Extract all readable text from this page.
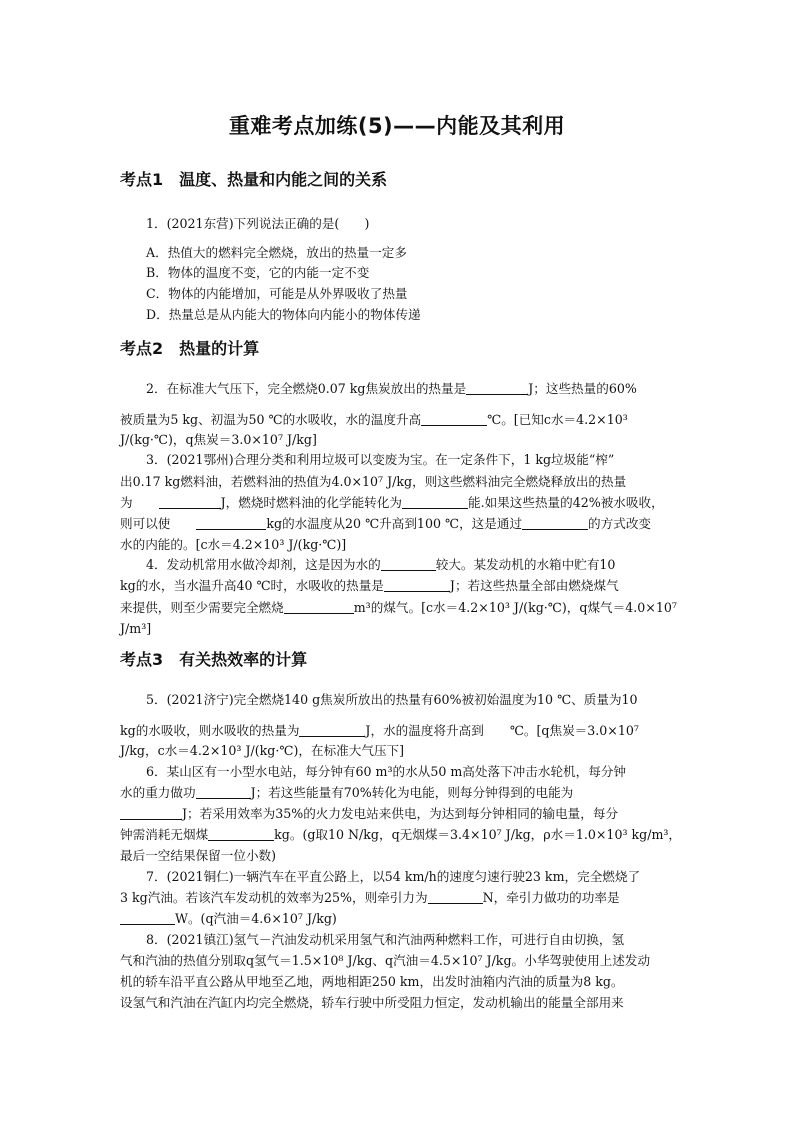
重难考点加练(5)——内能及其利用
考点1 温度、热量和内能之间的关系
1．(2021东营)下列说法正确的是(　　)
A．热值大的燃料完全燃烧，放出的热量一定多
B．物体的温度不变，它的内能一定不变
C．物体的内能增加，可能是从外界吸收了热量
D．热量总是从内能大的物体向内能小的物体传递
考点2 热量的计算
2．在标准大气压下，完全燃烧0.07 kg焦炭放出的热量是	J；这些热量的60%
被质量为5 kg、初温为50 ℃的水吸收，水的温度升高	℃。[已知c水＝4.2×10³
J/(kg·℃)，q焦炭＝3.0×10⁷ J/kg]
3．(2021鄂州)合理分类和利用垃圾可以变废为宝。在一定条件下，1 kg垃圾能“榨”
出0.17 kg燃料油，若燃料油的热值为4.0×10⁷ J/kg，则这些燃料油完全燃烧释放出的热量
为	J，燃烧时燃料油的化学能转化为	能.如果这些热量的42%被水吸收，
则可以使	kg的水温度从20 ℃升高到100 ℃，这是通过	的方式改变
水的内能的。[c水＝4.2×10³ J/(kg·℃)]
4．发动机常用水做冷却剂，这是因为水的	较大。某发动机的水箱中贮有10
kg的水，当水温升高40 ℃时，水吸收的热量是	J；若这些热量全部由燃烧煤气
来提供，则至少需要完全燃烧	m³的煤气。[c水＝4.2×10³ J/(kg·℃)，q煤气＝4.0×10⁷
J/m³]
考点3 有关热效率的计算
5．(2021济宁)完全燃烧140 g焦炭所放出的热量有60%被初始温度为10 ℃、质量为10
kg的水吸收，则水吸收的热量为	J，水的温度将升高到 ℃。[q焦炭＝3.0×10⁷
J/kg，c水＝4.2×10³ J/(kg·℃)，在标准大气压下]
6．某山区有一小型水电站，每分钟有60 m³的水从50 m高处落下冲击水轮机，每分钟
水的重力做功	J；若这些能量有70%转化为电能，则每分钟得到的电能为
J；若采用效率为35%的火力发电站来供电，为达到每分钟相同的输电量，每分
钟需消耗无烟煤	kg。(g取10 N/kg，q无烟煤＝3.4×10⁷ J/kg，ρ水＝1.0×10³ kg/m³，
最后一空结果保留一位小数)
7．(2021铜仁)一辆汽车在平直公路上，以54 km/h的速度匀速行驶23 km，完全燃烧了
3 kg汽油。若该汽车发动机的效率为25%，则牵引力为	N，牵引力做功的功率是
W。(q汽油＝4.6×10⁷ J/kg)
8．(2021镇江)氢气－汽油发动机采用氢气和汽油两种燃料工作，可进行自由切换，氢
气和汽油的热值分别取q氢气＝1.5×10⁸ J/kg、q汽油＝4.5×10⁷ J/kg。小华驾驶使用上述发动
机的轿车沿平直公路从甲地至乙地，两地相距250 km，出发时油箱内汽油的质量为8 kg。
设氢气和汽油在汽缸内均完全燃烧，轿车行驶中所受阻力恒定，发动机输出的能量全部用来
